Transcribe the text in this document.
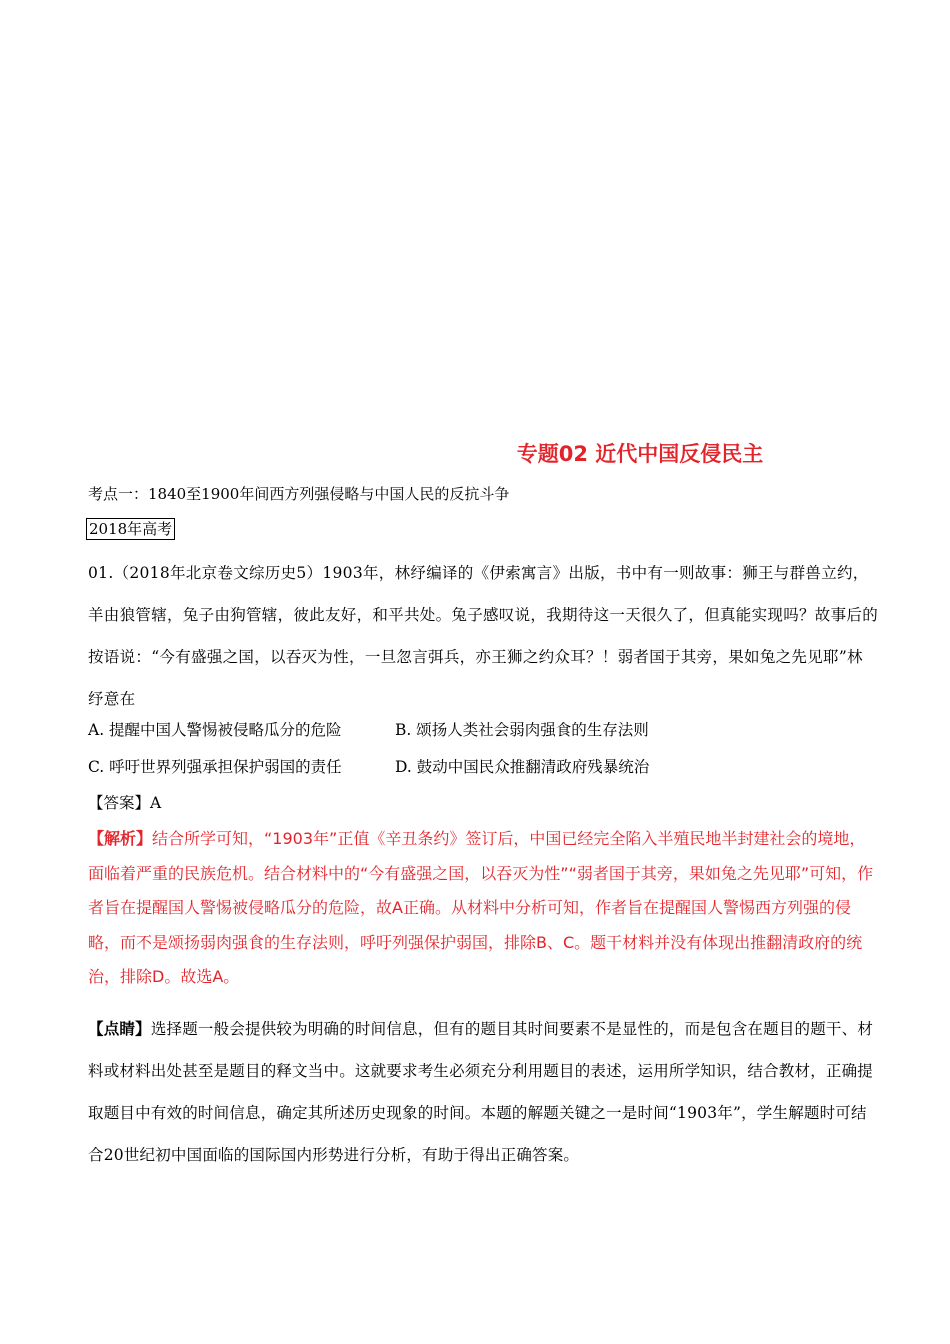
专题02 近代中国反侵民主
考点一：1840至1900年间西方列强侵略与中国人民的反抗斗争
2018年高考
01.（2018年北京卷文综历史5）1903年，林纾编译的《伊索寓言》出版，书中有一则故事：狮王与群兽立约，羊由狼管辖，兔子由狗管辖，彼此友好，和平共处。兔子感叹说，我期待这一天很久了，但真能实现吗？故事后的按语说：“今有盛强之国，以吞灭为性，一旦忽言弭兵，亦王狮之约众耳？！弱者国于其旁，果如兔之先见耶”林纾意在
A. 提醒中国人警惕被侵略瓜分的危险	B. 颂扬人类社会弱肉强食的生存法则
C. 呼吁世界列强承担保护弱国的责任	D. 鼓动中国民众推翻清政府残暴统治
【答案】A
【解析】结合所学可知，“1903年”正值《辛丑条约》签订后，中国已经完全陷入半殖民地半封建社会的境地，面临着严重的民族危机。结合材料中的“今有盛强之国，以吞灭为性”“弱者国于其旁，果如兔之先见耶”可知，作者旨在提醒国人警惕被侵略瓜分的危险，故A正确。从材料中分析可知，作者旨在提醒国人警惕西方列强的侵略，而不是颂扬弱肉强食的生存法则，呼吁列强保护弱国，排除B、C。题干材料并没有体现出推翻清政府的统治，排除D。故选A。
【点睛】选择题一般会提供较为明确的时间信息，但有的题目其时间要素不是显性的，而是包含在题目的题干、材料或材料出处甚至是题目的释文当中。这就要求考生必须充分利用题目的表述，运用所学知识，结合教材，正确提取题目中有效的时间信息，确定其所述历史现象的时间。本题的解题关键之一是时间“1903年”，学生解题时可结合20世纪初中国面临的国际国内形势进行分析，有助于得出正确答案。
